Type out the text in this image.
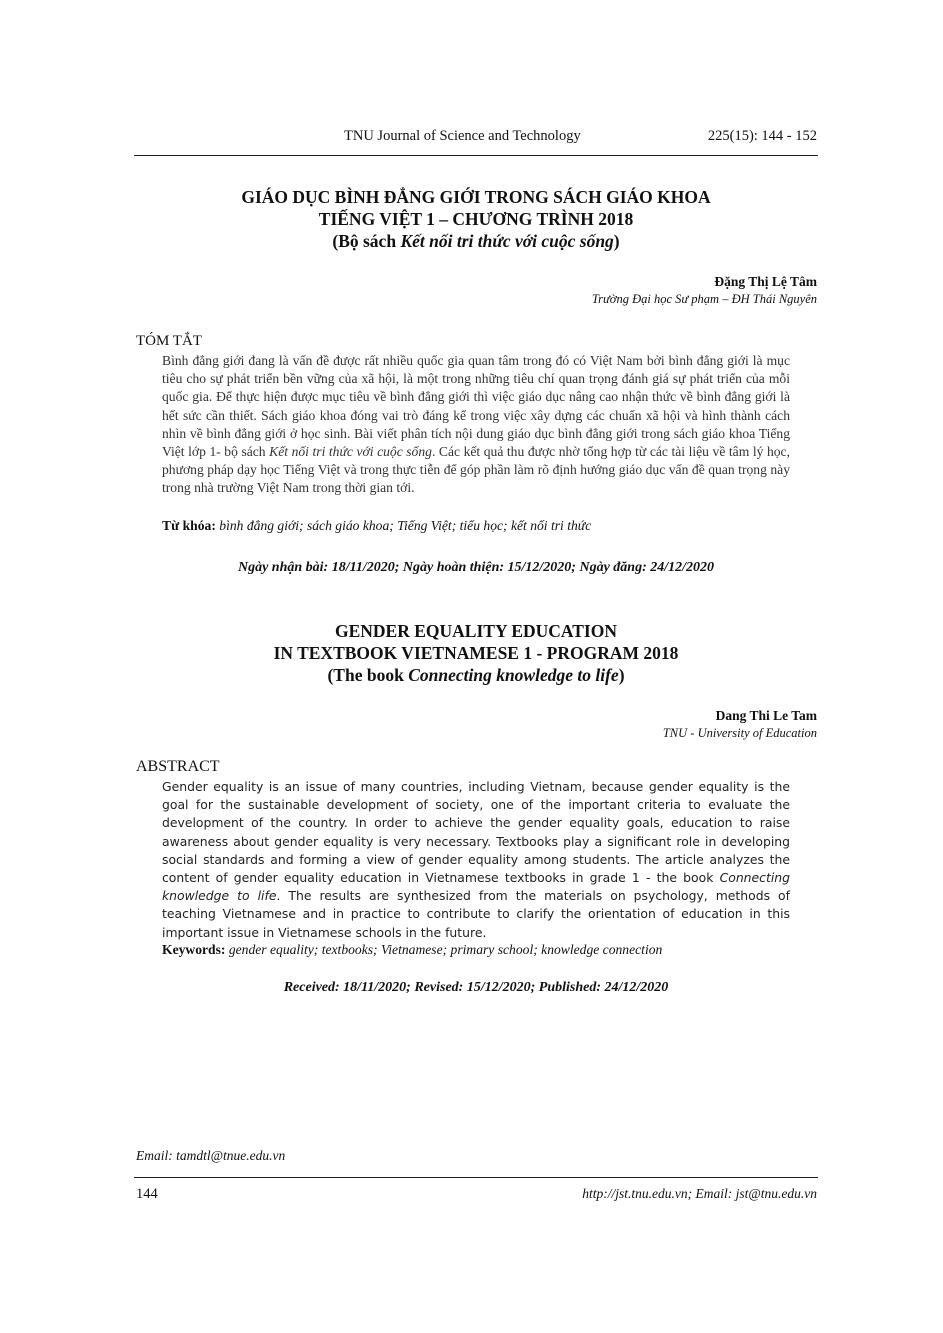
TNU Journal of Science and Technology	225(15): 144 - 152
GIÁO DỤC BÌNH ĐẲNG GIỚI TRONG SÁCH GIÁO KHOA
TIẾNG VIỆT 1 – CHƯƠNG TRÌNH 2018
(Bộ sách Kết nối tri thức với cuộc sống)
Đặng Thị Lệ Tâm
Trường Đại học Sư phạm – ĐH Thái Nguyên
TÓM TẮT
Bình đẳng giới đang là vấn đề được rất nhiều quốc gia quan tâm trong đó có Việt Nam bởi bình đẳng giới là mục tiêu cho sự phát triển bền vững của xã hội, là một trong những tiêu chí quan trọng đánh giá sự phát triển của mỗi quốc gia. Để thực hiện được mục tiêu về bình đẳng giới thì việc giáo dục nâng cao nhận thức về bình đẳng giới là hết sức cần thiết. Sách giáo khoa đóng vai trò đáng kể trong việc xây dựng các chuẩn xã hội và hình thành cách nhìn về bình đẳng giới ở học sinh. Bài viết phân tích nội dung giáo dục bình đẳng giới trong sách giáo khoa Tiếng Việt lớp 1- bộ sách Kết nối tri thức với cuộc sống. Các kết quả thu được nhờ tổng hợp từ các tài liệu về tâm lý học, phương pháp dạy học Tiếng Việt và trong thực tiễn để góp phần làm rõ định hướng giáo dục vấn đề quan trọng này trong nhà trường Việt Nam trong thời gian tới.
Từ khóa: bình đẳng giới; sách giáo khoa; Tiếng Việt; tiểu học; kết nối tri thức
Ngày nhận bài: 18/11/2020; Ngày hoàn thiện: 15/12/2020; Ngày đăng: 24/12/2020
GENDER EQUALITY EDUCATION
IN TEXTBOOK VIETNAMESE 1 - PROGRAM 2018
(The book Connecting knowledge to life)
Dang Thi Le Tam
TNU - University of Education
ABSTRACT
Gender equality is an issue of many countries, including Vietnam, because gender equality is the goal for the sustainable development of society, one of the important criteria to evaluate the development of the country. In order to achieve the gender equality goals, education to raise awareness about gender equality is very necessary. Textbooks play a significant role in developing social standards and forming a view of gender equality among students. The article analyzes the content of gender equality education in Vietnamese textbooks in grade 1 - the book Connecting knowledge to life. The results are synthesized from the materials on psychology, methods of teaching Vietnamese and in practice to contribute to clarify the orientation of education in this important issue in Vietnamese schools in the future.
Keywords: gender equality; textbooks; Vietnamese; primary school; knowledge connection
Received: 18/11/2020; Revised: 15/12/2020; Published: 24/12/2020
Email: tamdtl@tnue.edu.vn
144	http://jst.tnu.edu.vn; Email: jst@tnu.edu.vn
